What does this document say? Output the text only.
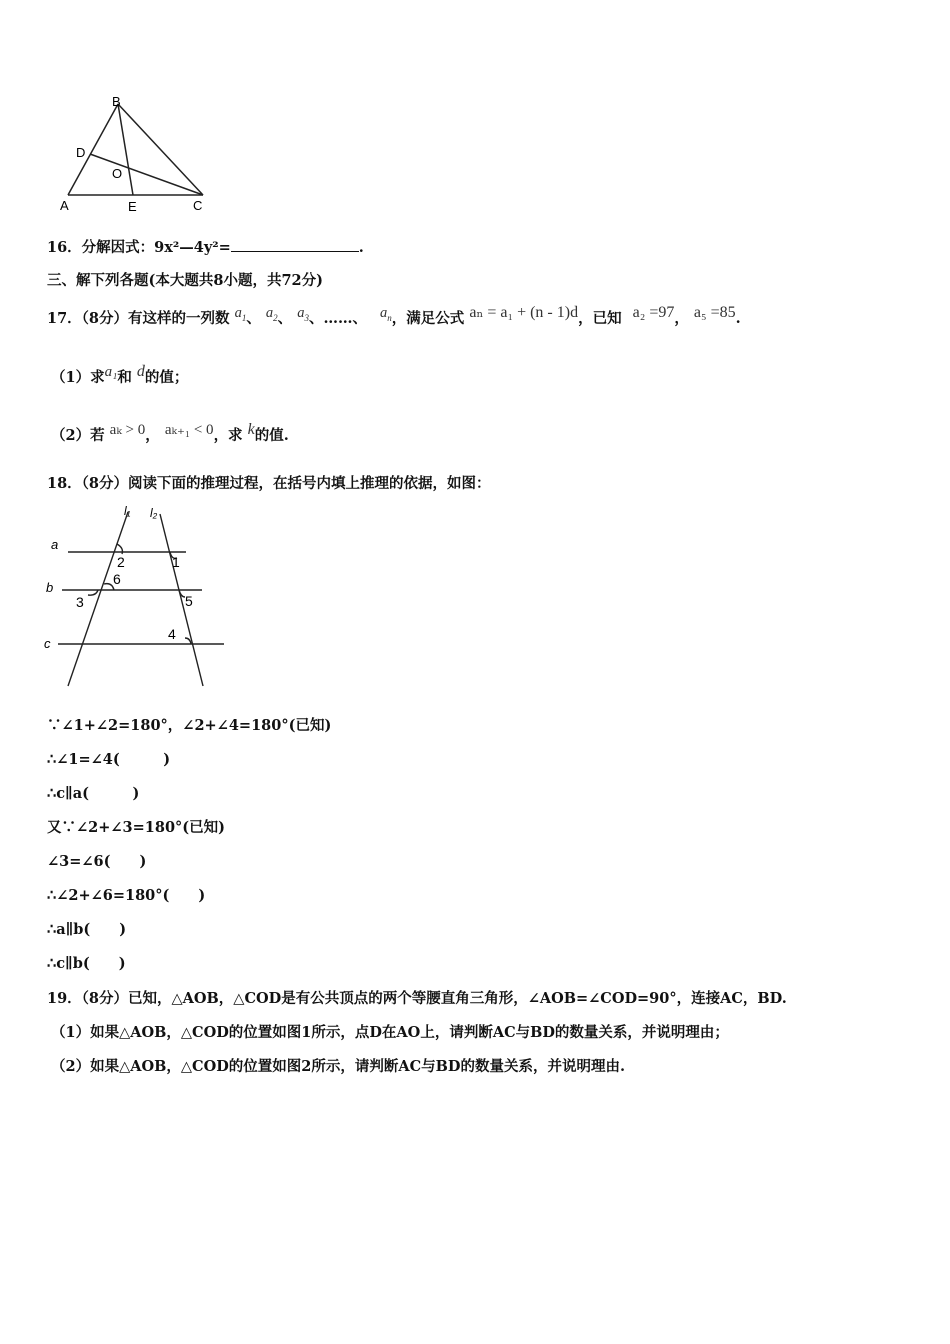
B
D
O
A	E	C
16．分解因式：9x²—4y²=	.
三、解下列各题(本大题共8小题，共72分)
17．（8分）有这样的一列数 $a_1$、 $a_2$、 $a_3$、……、 $a_n$，满足公式 aₙ = a₁ + (n - 1)d，已知 a₂ =97， a₅ =85.
（1）求a₁和 d的值；
（2）若 aₖ > 0， aₖ₊₁ < 0，求 k的值.
18．（8分）阅读下面的推理过程，在括号内填上推理的依据，如图：
l₁ l₂
a
b
c
1
2
3
4
5
6
∵∠1+∠2=180°，∠2+∠4=180°(已知)
∴∠1=∠4(　　　)
∴c∥a(　　　)
又∵∠2+∠3=180°(已知)
∠3=∠6(　　)
∴∠2+∠6=180°(　　)
∴a∥b(　　)
∴c∥b(　　)
19．（8分）已知，△AOB，△COD是有公共顶点的两个等腰直角三角形，∠AOB=∠COD=90°，连接AC，BD.
（1）如果△AOB，△COD的位置如图1所示，点D在AO上，请判断AC与BD的数量关系，并说明理由；
（2）如果△AOB，△COD的位置如图2所示，请判断AC与BD的数量关系，并说明理由.
